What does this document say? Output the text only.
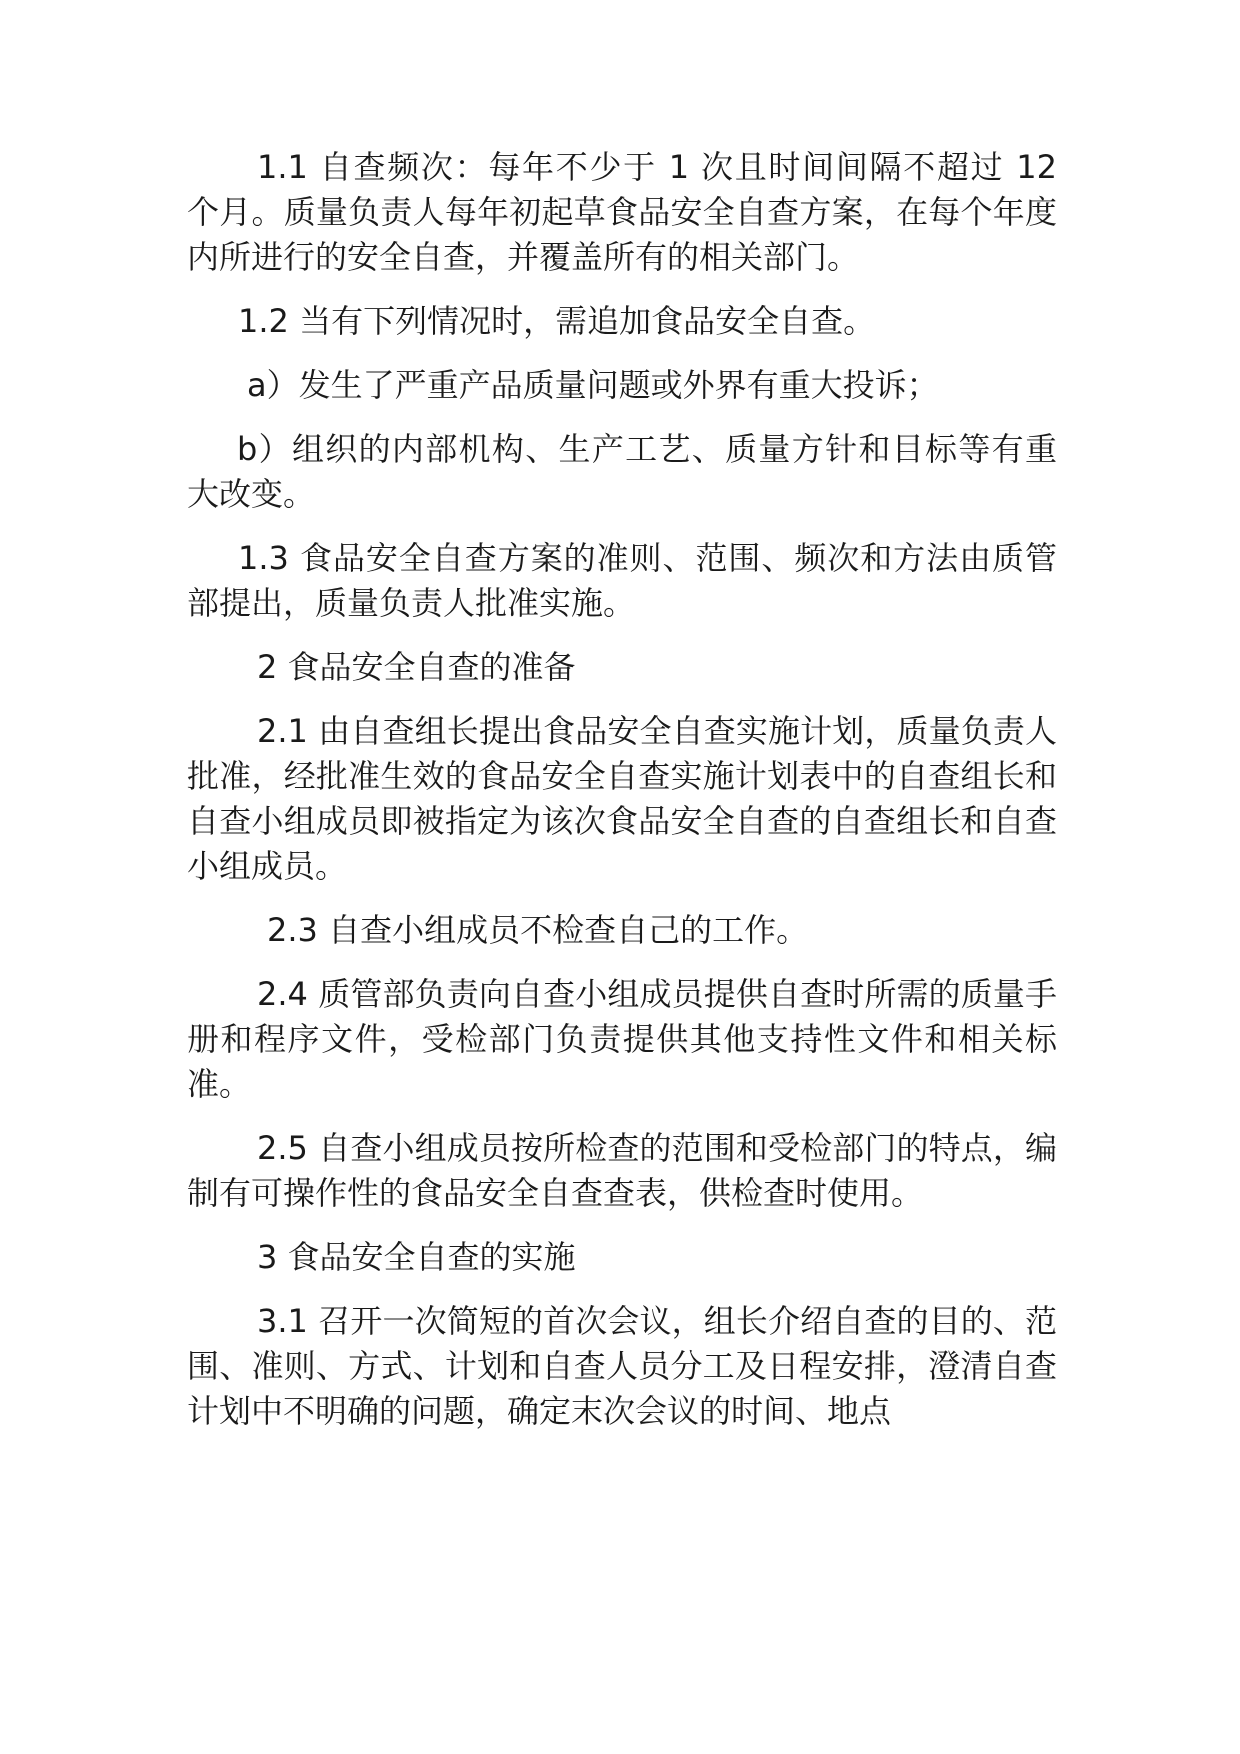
1.1 自查频次：每年不少于 1 次且时间间隔不超过 12 个月。质量负责人每年初起草食品安全自查方案，在每个年度内所进行的安全自查，并覆盖所有的相关部门。

1.2 当有下列情况时，需追加食品安全自查。

a）发生了严重产品质量问题或外界有重大投诉；

b）组织的内部机构、生产工艺、质量方针和目标等有重大改变。

1.3 食品安全自查方案的准则、范围、频次和方法由质管部提出，质量负责人批准实施。

2 食品安全自查的准备

2.1 由自查组长提出食品安全自查实施计划，质量负责人批准，经批准生效的食品安全自查实施计划表中的自查组长和自查小组成员即被指定为该次食品安全自查的自查组长和自查小组成员。

2.3 自查小组成员不检查自己的工作。

2.4 质管部负责向自查小组成员提供自查时所需的质量手册和程序文件，受检部门负责提供其他支持性文件和相关标准。

2.5 自查小组成员按所检查的范围和受检部门的特点，编制有可操作性的食品安全自查查表，供检查时使用。

3 食品安全自查的实施

3.1 召开一次简短的首次会议，组长介绍自查的目的、范围、准则、方式、计划和自查人员分工及日程安排，澄清自查计划中不明确的问题，确定末次会议的时间、地点
